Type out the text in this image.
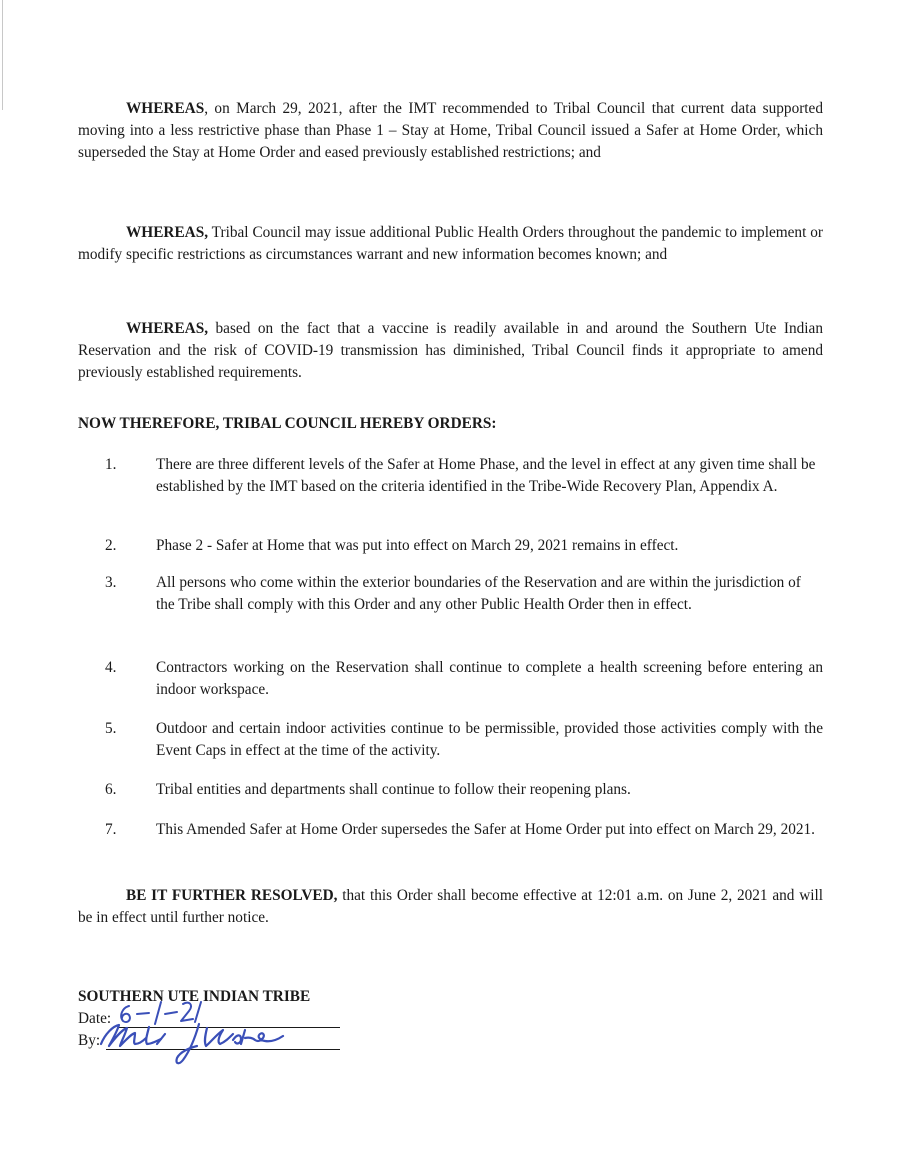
WHEREAS, on March 29, 2021, after the IMT recommended to Tribal Council that current data supported moving into a less restrictive phase than Phase 1 – Stay at Home, Tribal Council issued a Safer at Home Order, which superseded the Stay at Home Order and eased previously established restrictions; and

WHEREAS, Tribal Council may issue additional Public Health Orders throughout the pandemic to implement or modify specific restrictions as circumstances warrant and new information becomes known; and

WHEREAS, based on the fact that a vaccine is readily available in and around the Southern Ute Indian Reservation and the risk of COVID-19 transmission has diminished, Tribal Council finds it appropriate to amend previously established requirements.

NOW THEREFORE, TRIBAL COUNCIL HEREBY ORDERS:

1.	There are three different levels of the Safer at Home Phase, and the level in effect at any given time shall be established by the IMT based on the criteria identified in the Tribe-Wide Recovery Plan, Appendix A.

2.	Phase 2 - Safer at Home that was put into effect on March 29, 2021 remains in effect.

3.	All persons who come within the exterior boundaries of the Reservation and are within the jurisdiction of the Tribe shall comply with this Order and any other Public Health Order then in effect.

4.	Contractors working on the Reservation shall continue to complete a health screening before entering an indoor workspace.

5.	Outdoor and certain indoor activities continue to be permissible, provided those activities comply with the Event Caps in effect at the time of the activity.

6.	Tribal entities and departments shall continue to follow their reopening plans.

7.	This Amended Safer at Home Order supersedes the Safer at Home Order put into effect on March 29, 2021.

BE IT FURTHER RESOLVED, that this Order shall become effective at 12:01 a.m. on June 2, 2021 and will be in effect until further notice.

SOUTHERN UTE INDIAN TRIBE

Date:
By:
